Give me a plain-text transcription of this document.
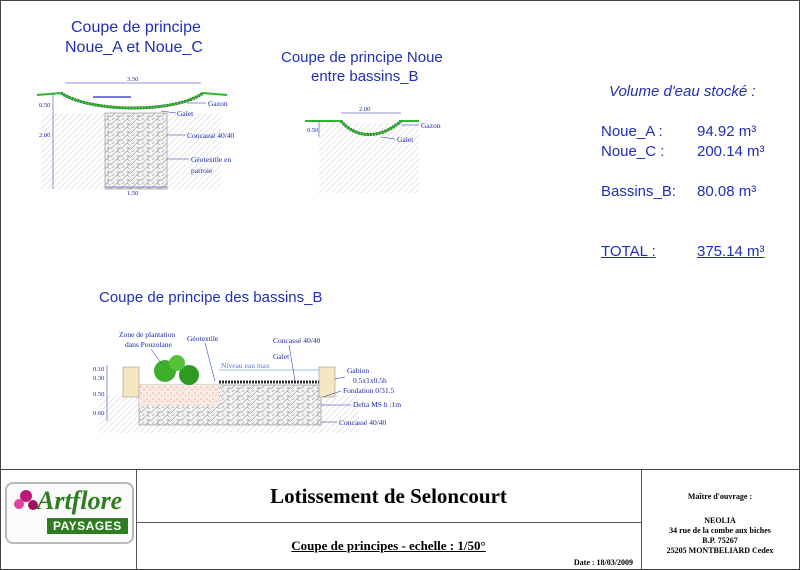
Coupe de principe
Noue_A et Noue_C
Coupe de principe Noue
entre bassins_B
Volume d'eau stocké :
Noue_A : 94.92 m³
Noue_C : 200.14 m³
Bassins_B: 80.08 m³
TOTAL :	375.14 m³
Coupe de principe des bassins_B
3.50
0.50
2.00
1.50
Gazon
Galet
Concassé 40/40
Géotextile en
parroie
2.00
0.50
Gazon
Galet
0.10
0.30
0.50
0.60
Zone de plantation
dans Pouzolane
Géotextile	Concassé 40/40
Galet
Niveau eau max
Gabion
0.5x1x0.5h
Fondation 0/31.5
Delta MS h :1m
Concassé 40/40
Artflore
PAYSAGES
Lotissement de Seloncourt
Coupe de principes - echelle : 1/50°
Date : 18/03/2009
Maître d'ouvrage :
NEOLIA
34 rue de la combe aux biches
B.P. 75267
25205 MONTBELIARD Cedex
